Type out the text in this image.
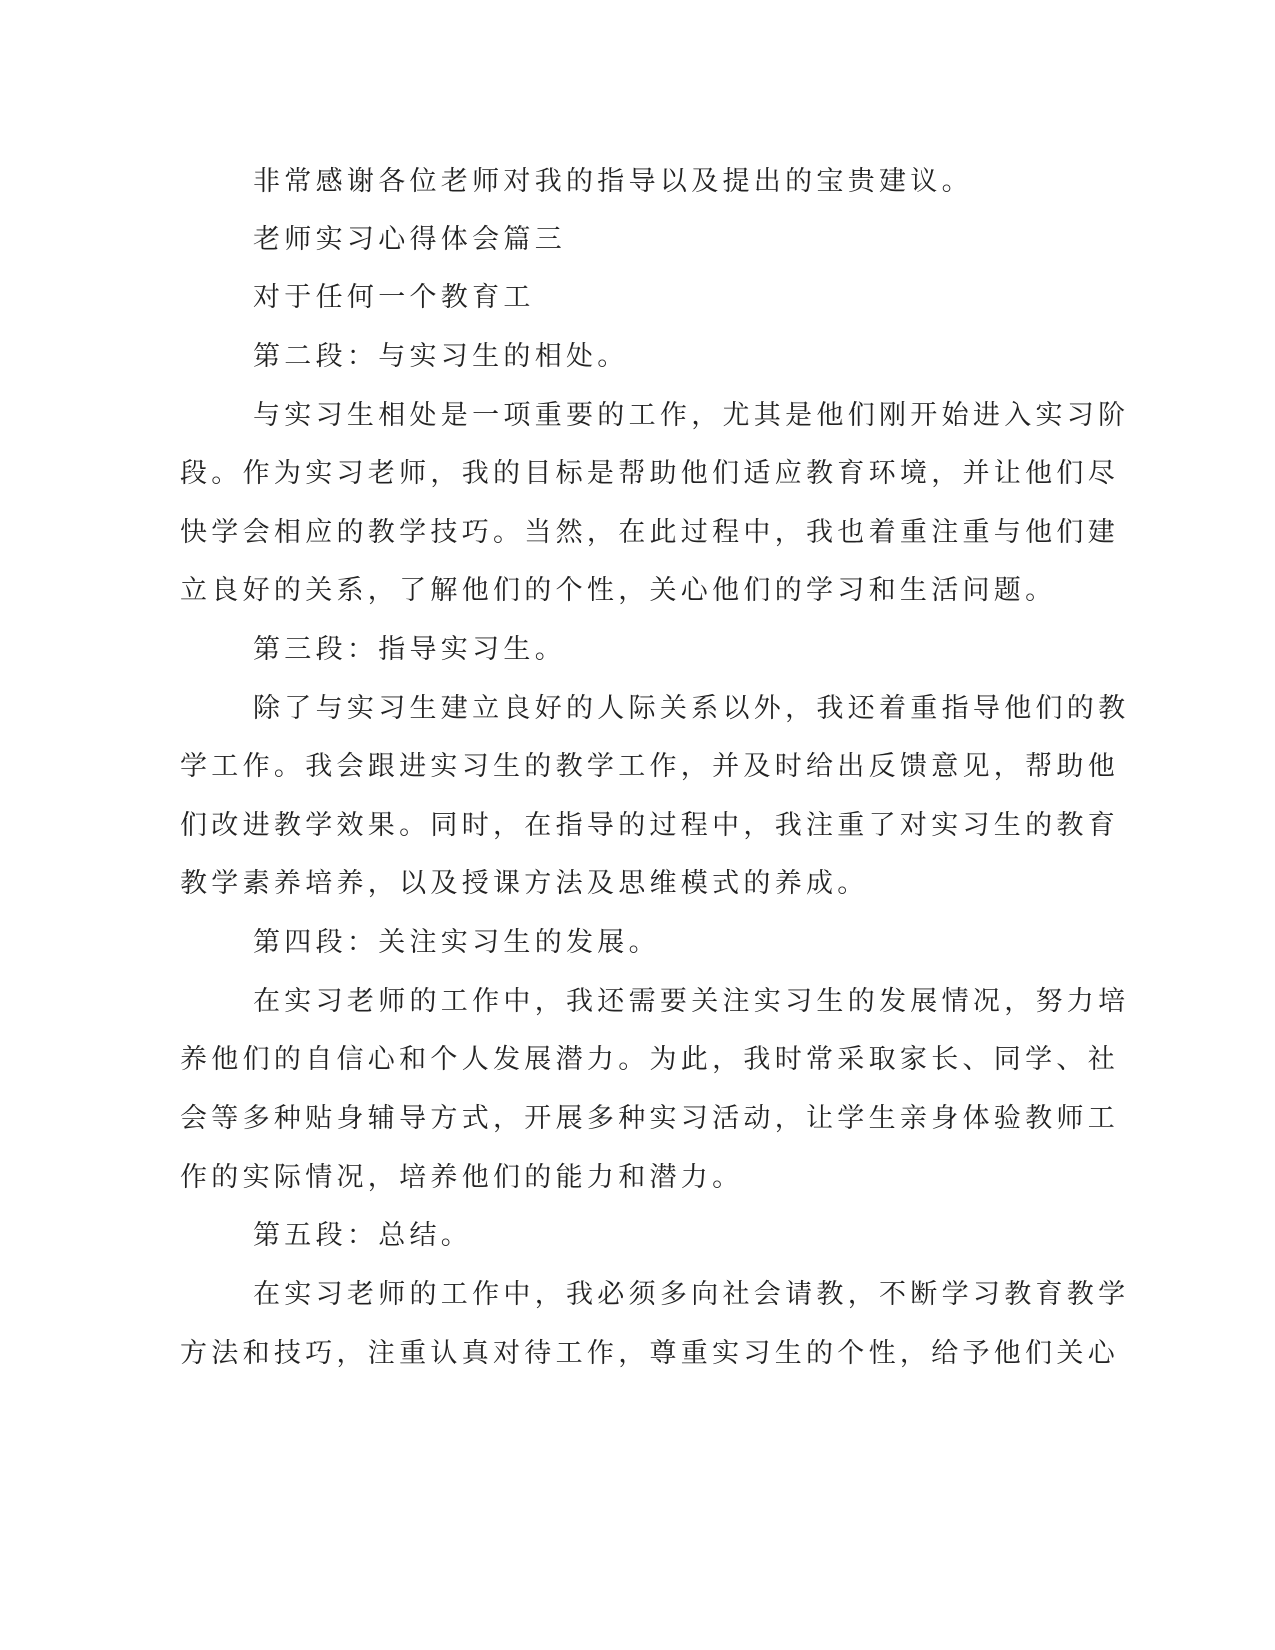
非常感谢各位老师对我的指导以及提出的宝贵建议。
老师实习心得体会篇三
对于任何一个教育工
第二段：与实习生的相处。
与实习生相处是一项重要的工作，尤其是他们刚开始进入实习阶
段。作为实习老师，我的目标是帮助他们适应教育环境，并让他们尽
快学会相应的教学技巧。当然，在此过程中，我也着重注重与他们建
立良好的关系，了解他们的个性，关心他们的学习和生活问题。
第三段：指导实习生。
除了与实习生建立良好的人际关系以外，我还着重指导他们的教
学工作。我会跟进实习生的教学工作，并及时给出反馈意见，帮助他
们改进教学效果。同时，在指导的过程中，我注重了对实习生的教育
教学素养培养，以及授课方法及思维模式的养成。
第四段：关注实习生的发展。
在实习老师的工作中，我还需要关注实习生的发展情况，努力培
养他们的自信心和个人发展潜力。为此，我时常采取家长、同学、社
会等多种贴身辅导方式，开展多种实习活动，让学生亲身体验教师工
作的实际情况，培养他们的能力和潜力。
第五段：总结。
在实习老师的工作中，我必须多向社会请教，不断学习教育教学
方法和技巧，注重认真对待工作，尊重实习生的个性，给予他们关心
